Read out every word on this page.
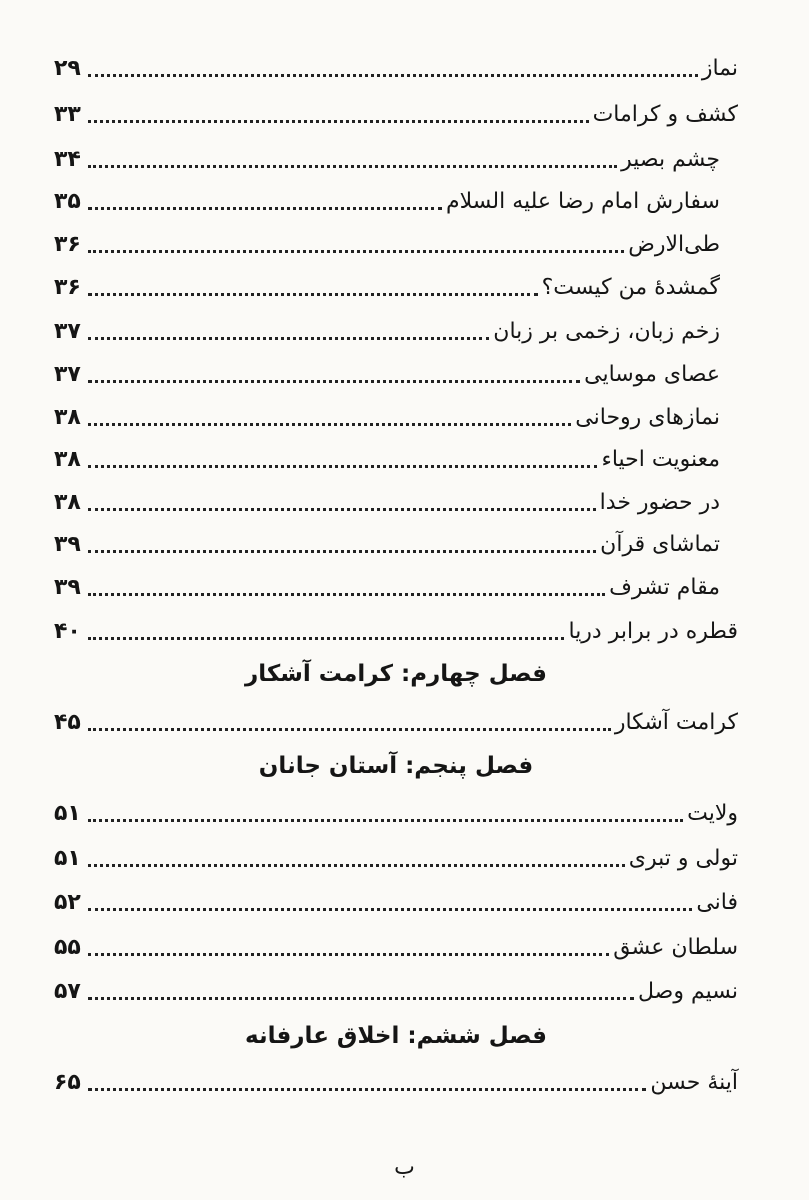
نماز
۲۹
کشف و کرامات
۳۳
چشم بصیر
۳۴
سفارش امام رضا علیه السلام
۳۵
طی‌الارض
۳۶
گمشدهٔ من کیست؟
۳۶
زخم زبان، زخمی بر زبان
۳۷
عصای موسایی
۳۷
نمازهای روحانی
۳۸
معنویت احیاء
۳۸
در حضور خدا
۳۸
تماشای قرآن
۳۹
مقام تشرف
۳۹
قطره در برابر دریا
۴۰
فصل چهارم : کرامت آشکار
کرامت آشکار
۴۵
فصل پنجم : آستان جانان
ولایت
۵۱
تولی و تبری
۵۱
فانی
۵۲
سلطان عشق
۵۵
نسیم وصل
۵۷
فصل ششم : اخلاق عارفانه
آینهٔ حسن
۶۵
ب
